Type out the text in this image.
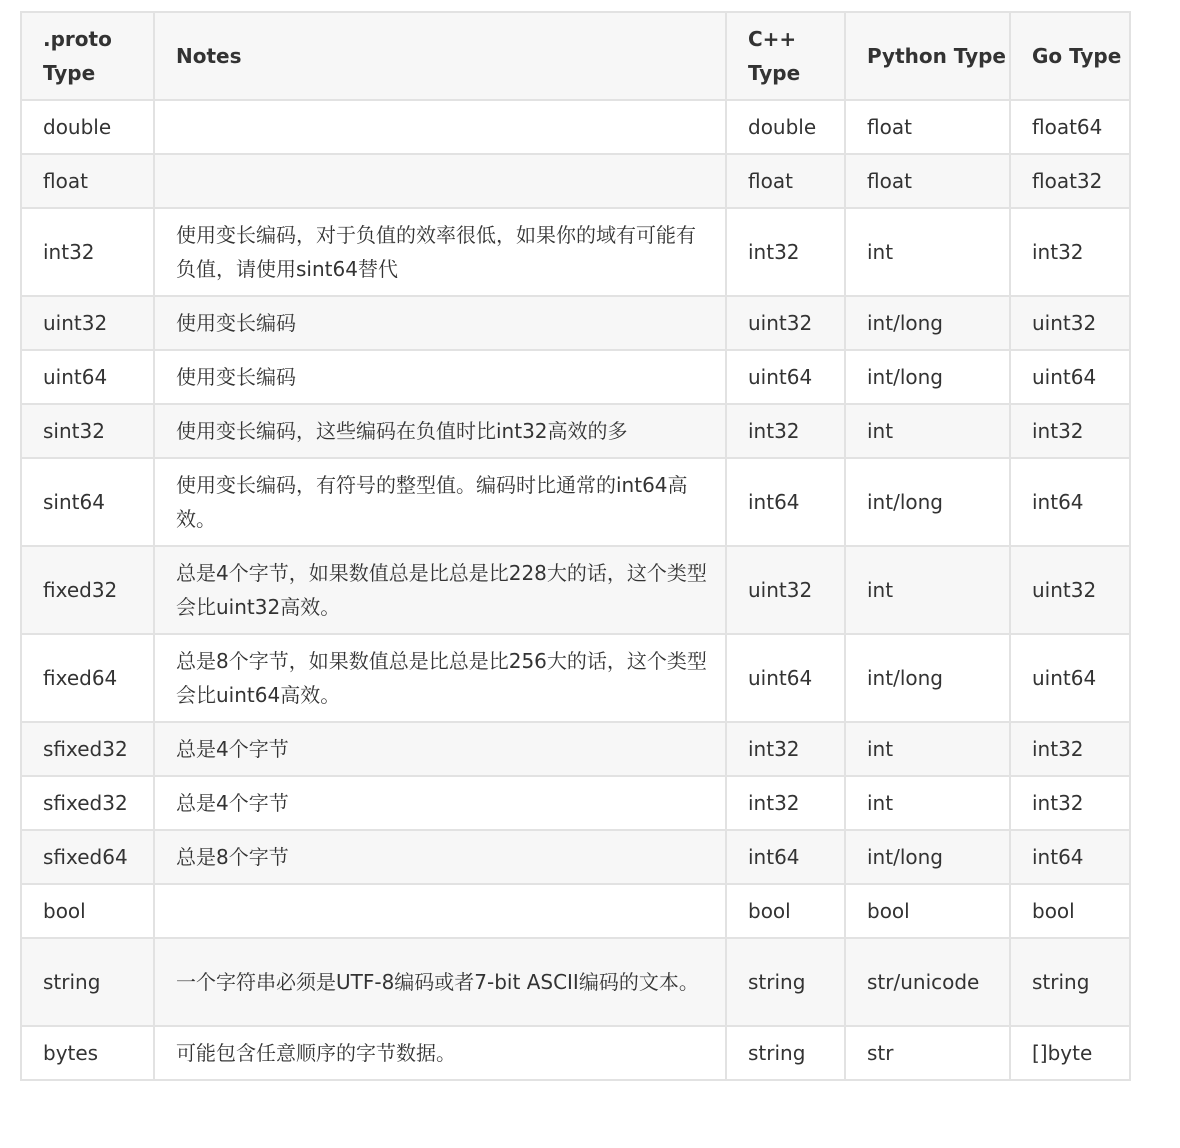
.proto Type	Notes	C++ Type	Python Type	Go Type
double		double	float	float64
float		float	float	float32
int32	使用变长编码，对于负值的效率很低，如果你的域有可能有负值，请使用sint64替代	int32	int	int32
uint32	使用变长编码	uint32	int/long	uint32
uint64	使用变长编码	uint64	int/long	uint64
sint32	使用变长编码，这些编码在负值时比int32高效的多	int32	int	int32
sint64	使用变长编码，有符号的整型值。编码时比通常的int64高效。	int64	int/long	int64
fixed32	总是4个字节，如果数值总是比总是比228大的话，这个类型会比uint32高效。	uint32	int	uint32
fixed64	总是8个字节，如果数值总是比总是比256大的话，这个类型会比uint64高效。	uint64	int/long	uint64
sfixed32	总是4个字节	int32	int	int32
sfixed32	总是4个字节	int32	int	int32
sfixed64	总是8个字节	int64	int/long	int64
bool		bool	bool	bool
string	一个字符串必须是UTF-8编码或者7-bit ASCII编码的文本。	string	str/unicode	string
bytes	可能包含任意顺序的字节数据。	string	str	[]byte
